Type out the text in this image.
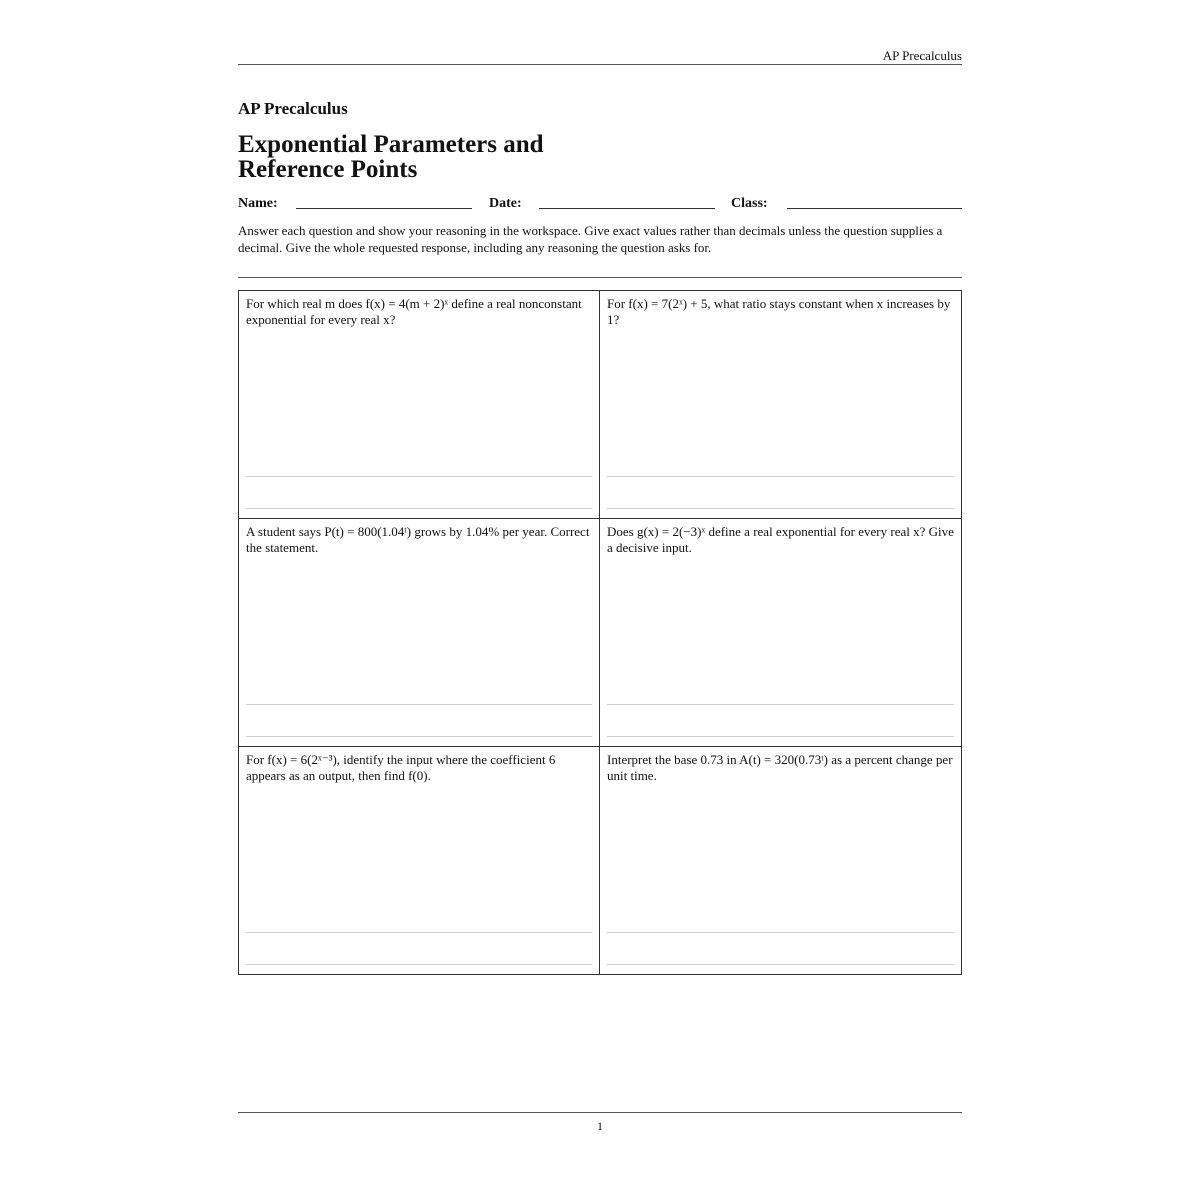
AP Precalculus
AP Precalculus
Exponential Parameters and
Reference Points
Name:	Date:	Class:
Answer each question and show your reasoning in the workspace. Give exact values rather than decimals unless the question supplies a decimal. Give the whole requested response, including any reasoning the question asks for.
For which real m does f(x) = 4(m + 2)ˣ define a real nonconstant exponential for every real x?
For f(x) = 7(2ˣ) + 5, what ratio stays constant when x increases by 1?
A student says P(t) = 800(1.04ᵗ) grows by 1.04% per year. Correct the statement.
Does g(x) = 2(−3)ˣ define a real exponential for every real x? Give a decisive input.
For f(x) = 6(2ˣ⁻³), identify the input where the coefficient 6 appears as an output, then find f(0).
Interpret the base 0.73 in A(t) = 320(0.73ᵗ) as a percent change per unit time.
1
